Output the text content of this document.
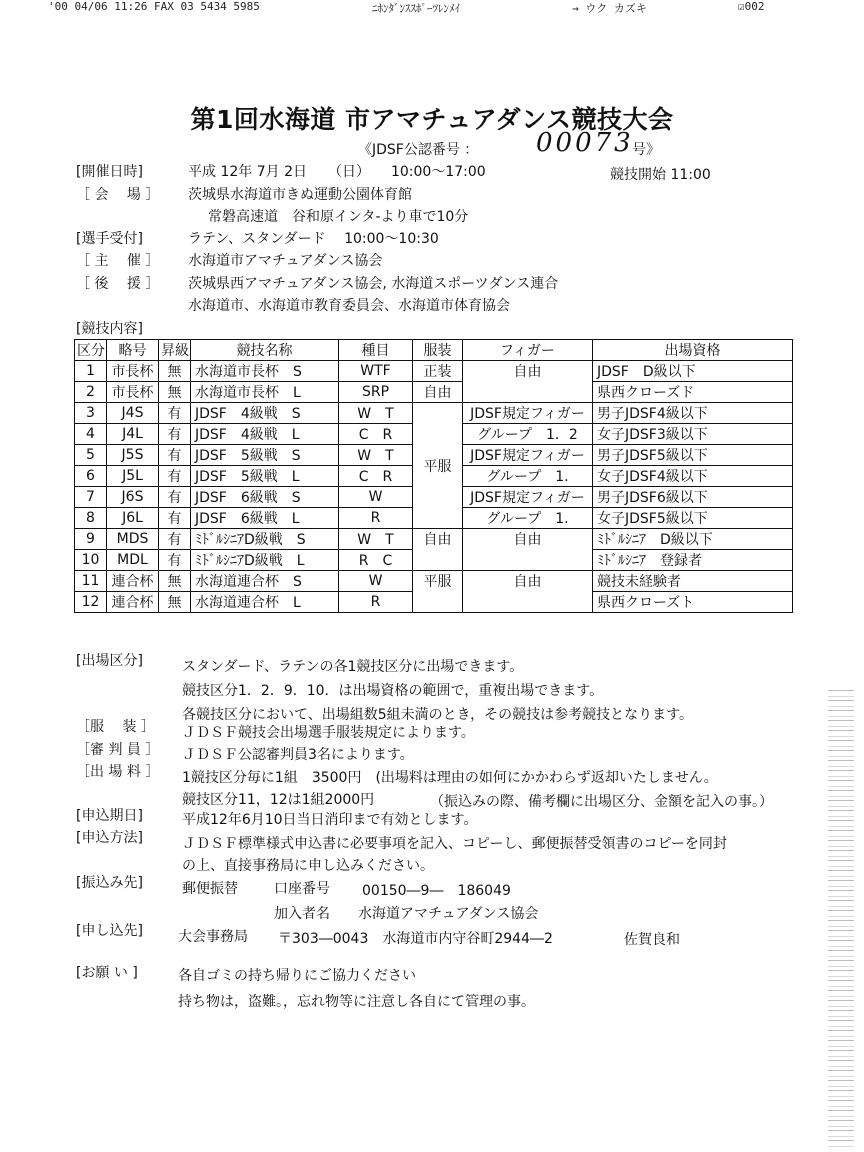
'00 04/06 11:26 FAX 03 5434 5985	ﾆﾎﾝﾀﾞﾝｽｽﾎﾟｰﾂﾚﾝﾒｲ	→ ウク カズキ	☑002
第1回水海道 市アマチュアダンス競技大会
《JDSF公認番号 ： 00073
号》
[開催日時]	平成 12年 7月 2日　　（日）　　10:00～17:00	競技開始 11:00
［ 会　 場 ］ 茨城県水海道市きぬ運動公園体育館
常磐高速道　谷和原インタ-より車で10分
[選手受付]	ラテン、スタンダード　 10:00～10:30
［ 主　 催 ］ 水海道市アマチュアダンス協会
［ 後　 援 ］ 茨城県西アマチュアダンス協会, 水海道スポーツダンス連合
水海道市、水海道市教育委員会、水海道市体育協会
[競技内容]
区分	略号	昇級	競技名称	種目	服装	フィガー	出場資格
1	市長杯	無	水海道市長杯　S	WTF	正装	自由	JDSF　D級以下
2	市長杯	無	水海道市長杯　L	SRP	自由		県西クローズド
3	J4S	有	JDSF　4級戦　S	W　T	平服	JDSF規定フィガー	男子JDSF4級以下
4	J4L	有	JDSF　4級戦　L	C　R		グループ　1．2	女子JDSF3級以下
5	J5S	有	JDSF　5級戦　S	W　T		JDSF規定フィガー	男子JDSF5級以下
6	J5L	有	JDSF　5級戦　L	C　R		グループ　1.	女子JDSF4級以下
7	J6S	有	JDSF　6級戦　S	W		JDSF規定フィガー	男子JDSF6級以下
8	J6L	有	JDSF　6級戦　L	R		グループ　1.	女子JDSF5級以下
9	MDS	有	ﾐﾄﾞﾙｼﾆｱD級戦　S	W　T	自由	自由	ﾐﾄﾞﾙｼﾆｱ　D級以下
10	MDL	有	ﾐﾄﾞﾙｼﾆｱD級戦　L	R　C			ﾐﾄﾞﾙｼﾆｱ　登録者
11	連合杯	無	水海道連合杯　S	W	平服	自由	競技未経験者
12	連合杯	無	水海道連合杯　L	R			県西クローズト
[出場区分]	スタンダード、ラテンの各1競技区分に出場できます。
競技区分1．2．9．10．は出場資格の範囲で，重複出場できます。
各競技区分において、出場組数5組未満のとき，その競技は参考競技となります。
［服　 装 ］ ＪＤＳＦ競技会出場選手服装規定によります。
［審 判 員 ］ ＪＤＳＦ公認審判員3名によります。
［出 場 料 ］ 1競技区分毎に1組　3500円　(出場料は理由の如何にかかわらず返却いたしません。
競技区分11，12は1組2000円	（振込みの際、備考欄に出場区分、金額を記入の事。）
[申込期日]	平成12年6月10日当日消印まで有効とします。
[申込方法]	ＪＤＳＦ標準様式申込書に必要事項を記入、コピーし、郵便振替受領書のコピーを同封
の上、直接事務局に申し込みください。
[振込み先]	郵便振替	口座番号 00150―9―　186049
加入者名 水海道アマチュアダンス協会
[申し込先]	大会事務局 〒303―0043　水海道市内守谷町2944―2	佐賀良和
[お願 い ]	各自ゴミの持ち帰りにご協力ください
持ち物は，盗難。，忘れ物等に注意し各自にて管理の事。
